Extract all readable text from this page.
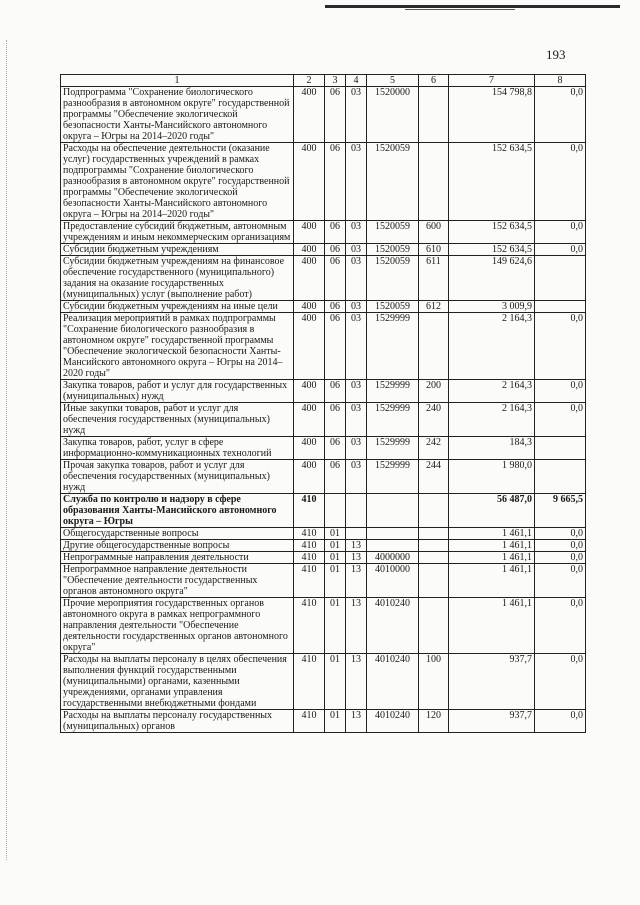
193
1	2	3	4	5	6	7	8
Подпрограмма "Сохранение биологического разнообразия в автономном округе" государственной программы "Обеспечение экологической безопасности Ханты-Мансийского автономного округа – Югры на 2014–2020 годы"	400	06	03	1520000		154 798,8	0,0
Расходы на обеспечение деятельности (оказание услуг) государственных учреждений в рамках подпрограммы "Сохранение биологического разнообразия в автономном округе" государственной программы "Обеспечение экологической безопасности Ханты-Мансийского автономного округа – Югры на 2014–2020 годы"	400	06	03	1520059		152 634,5	0,0
Предоставление субсидий бюджетным, автономным учреждениям и иным некоммерческим организациям	400	06	03	1520059	600	152 634,5	0,0
Субсидии бюджетным учреждениям	400	06	03	1520059	610	152 634,5	0,0
Субсидии бюджетным учреждениям на финансовое обеспечение государственного (муниципального) задания на оказание государственных (муниципальных) услуг (выполнение работ)	400	06	03	1520059	611	149 624,6	
Субсидии бюджетным учреждениям на иные цели	400	06	03	1520059	612	3 009,9	
Реализация мероприятий в рамках подпрограммы "Сохранение биологического разнообразия в автономном округе" государственной программы "Обеспечение экологической безопасности Ханты-Мансийского автономного округа – Югры на 2014–2020 годы"	400	06	03	1529999		2 164,3	0,0
Закупка товаров, работ и услуг для государственных (муниципальных) нужд	400	06	03	1529999	200	2 164,3	0,0
Иные закупки товаров, работ и услуг для обеспечения государственных (муниципальных) нужд	400	06	03	1529999	240	2 164,3	0,0
Закупка товаров, работ, услуг в сфере информационно-коммуникационных технологий	400	06	03	1529999	242	184,3	
Прочая закупка товаров, работ и услуг для обеспечения государственных (муниципальных) нужд	400	06	03	1529999	244	1 980,0	
Служба по контролю и надзору в сфере образования Ханты-Мансийского автономного округа – Югры	410					56 487,0	9 665,5
Общегосударственные вопросы	410	01				1 461,1	0,0
Другие общегосударственные вопросы	410	01	13			1 461,1	0,0
Непрограммные направления деятельности	410	01	13	4000000		1 461,1	0,0
Непрограммное направление деятельности "Обеспечение деятельности государственных органов автономного округа"	410	01	13	4010000		1 461,1	0,0
Прочие мероприятия государственных органов автономного округа в рамках непрограммного направления деятельности "Обеспечение деятельности государственных органов автономного округа"	410	01	13	4010240		1 461,1	0,0
Расходы на выплаты персоналу в целях обеспечения выполнения функций государственными (муниципальными) органами, казенными учреждениями, органами управления государственными внебюджетными фондами	410	01	13	4010240	100	937,7	0,0
Расходы на выплаты персоналу государственных (муниципальных) органов	410	01	13	4010240	120	937,7	0,0
